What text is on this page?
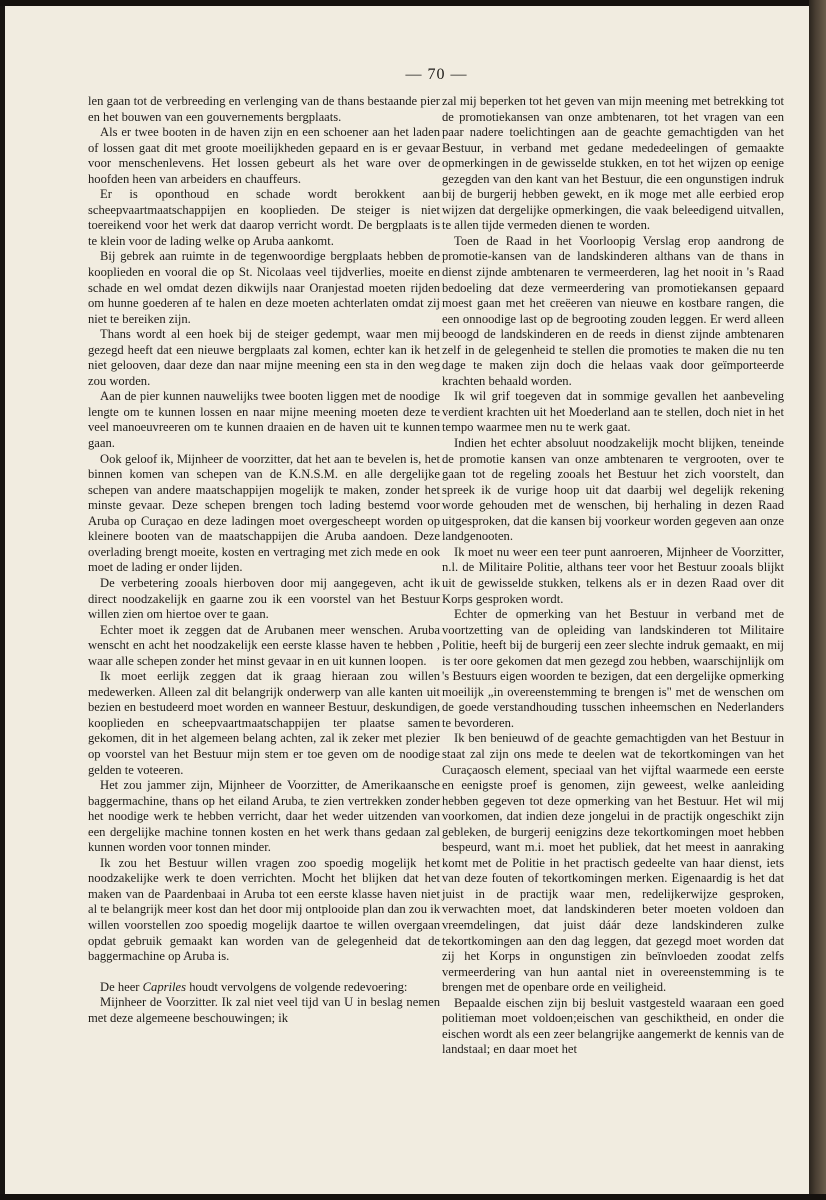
— 70 —

len gaan tot de verbreeding en verlenging van de thans bestaande pier en het bouwen van een gouvernements bergplaats.

Als er twee booten in de haven zijn en een schoener aan het laden of lossen gaat dit met groote moeilijkheden gepaard en is er gevaar voor menschenlevens. Het lossen gebeurt als het ware over de hoofden heen van arbeiders en chauffeurs.

Er is oponthoud en schade wordt berokkent aan scheepvaartmaatschappijen en kooplieden. De steiger is niet toereikend voor het werk dat daarop verricht wordt. De bergplaats is te klein voor de lading welke op Aruba aankomt.

Bij gebrek aan ruimte in de tegenwoordige bergplaats hebben de kooplieden en vooral die op St. Nicolaas veel tijdverlies, moeite en schade en wel omdat dezen dikwijls naar Oranjestad moeten rijden om hunne goederen af te halen en deze moeten achterlaten omdat zij niet te bereiken zijn.

Thans wordt al een hoek bij de steiger gedempt, waar men mij gezegd heeft dat een nieuwe bergplaats zal komen, echter kan ik het niet gelooven, daar deze dan naar mijne meening een sta in den weg zou worden.

Aan de pier kunnen nauwelijks twee booten liggen met de noodige lengte om te kunnen lossen en naar mijne meening moeten deze te veel manoeuvreeren om te kunnen draaien en de haven uit te kunnen gaan.

Ook geloof ik, Mijnheer de voorzitter, dat het aan te bevelen is, het binnen komen van schepen van de K.N.S.M. en alle dergelijke schepen van andere maatschappijen mogelijk te maken, zonder het minste gevaar. Deze schepen brengen toch lading bestemd voor Aruba op Curaçao en deze ladingen moet overgescheept worden op kleinere booten van de maatschappijen die Aruba aandoen. Deze overlading brengt moeite, kosten en vertraging met zich mede en ook moet de lading er onder lijden.

De verbetering zooals hierboven door mij aangegeven, acht ik direct noodzakelijk en gaarne zou ik een voorstel van het Bestuur willen zien om hiertoe over te gaan.

Echter moet ik zeggen dat de Arubanen meer wenschen. Aruba wenscht en acht het noodzakelijk een eerste klasse haven te hebben , waar alle schepen zonder het minst gevaar in en uit kunnen loopen.

Ik moet eerlijk zeggen dat ik graag hieraan zou willen medewerken. Alleen zal dit belangrijk onderwerp van alle kanten uit bezien en bestudeerd moet worden en wanneer Bestuur, deskundigen, kooplieden en scheepvaartmaatschappijen ter plaatse samen gekomen, dit in het algemeen belang achten, zal ik zeker met plezier op voorstel van het Bestuur mijn stem er toe geven om de noodige gelden te voteeren.

Het zou jammer zijn, Mijnheer de Voorzitter, de Amerikaansche baggermachine, thans op het eiland Aruba, te zien vertrekken zonder het noodige werk te hebben verricht, daar het weder uitzenden van een dergelijke machine tonnen kosten en het werk thans gedaan zal kunnen worden voor tonnen minder.

Ik zou het Bestuur willen vragen zoo spoedig mogelijk het noodzakelijke werk te doen verrichten. Mocht het blijken dat het maken van de Paardenbaai in Aruba tot een eerste klasse haven niet al te belangrijk meer kost dan het door mij ontplooide plan dan zou ik willen voorstellen zoo spoedig mogelijk daartoe te willen overgaan opdat gebruik gemaakt kan worden van de gelegenheid dat de baggermachine op Aruba is.

De heer Capriles houdt vervolgens de volgende redevoering:

Mijnheer de Voorzitter. Ik zal niet veel tijd van U in beslag nemen met deze algemeene beschouwingen; ik

zal mij beperken tot het geven van mijn meening met betrekking tot de promotiekansen van onze ambtenaren, tot het vragen van een paar nadere toelichtingen aan de geachte gemachtigden van het Bestuur, in verband met gedane mededeelingen of gemaakte opmerkingen in de gewisselde stukken, en tot het wijzen op eenige gezegden van den kant van het Bestuur, die een ongunstigen indruk bij de burgerij hebben gewekt, en ik moge met alle eerbied erop wijzen dat dergelijke opmerkingen, die vaak beleedigend uitvallen, te allen tijde vermeden dienen te worden.

Toen de Raad in het Voorloopig Verslag erop aandrong de promotie-kansen van de landskinderen althans van de thans in dienst zijnde ambtenaren te vermeerderen, lag het nooit in 's Raad bedoeling dat deze vermeerdering van promotiekansen gepaard moest gaan met het creëeren van nieuwe en kostbare rangen, die een onnoodige last op de begrooting zouden leggen. Er werd alleen beoogd de landskinderen en de reeds in dienst zijnde ambtenaren zelf in de gelegenheid te stellen die promoties te maken die nu ten dage te maken zijn doch die helaas vaak door geïmporteerde krachten behaald worden.

Ik wil grif toegeven dat in sommige gevallen het aanbeveling verdient krachten uit het Moederland aan te stellen, doch niet in het tempo waarmee men nu te werk gaat.

Indien het echter absoluut noodzakelijk mocht blijken, teneinde de promotie kansen van onze ambtenaren te vergrooten, over te gaan tot de regeling zooals het Bestuur het zich voorstelt, dan spreek ik de vurige hoop uit dat daarbij wel degelijk rekening worde gehouden met de wenschen, bij herhaling in dezen Raad uitgesproken, dat die kansen bij voorkeur worden gegeven aan onze landgenooten.

Ik moet nu weer een teer punt aanroeren, Mijnheer de Voorzitter, n.l. de Militaire Politie, althans teer voor het Bestuur zooals blijkt uit de gewisselde stukken, telkens als er in dezen Raad over dit Korps gesproken wordt.

Echter de opmerking van het Bestuur in verband met de voortzetting van de opleiding van landskinderen tot Militaire Politie, heeft bij de burgerij een zeer slechte indruk gemaakt, en mij is ter oore gekomen dat men gezegd zou hebben, waarschijnlijk om 's Bestuurs eigen woorden te bezigen, dat een dergelijke opmerking moeilijk „in overeenstemming te brengen is" met de wenschen om de goede verstandhouding tusschen inheemschen en Nederlanders te bevorderen.

Ik ben benieuwd of de geachte gemachtigden van het Bestuur in staat zal zijn ons mede te deelen wat de tekortkomingen van het Curaçaosch element, speciaal van het vijftal waarmede een eerste en eenigste proef is genomen, zijn geweest, welke aanleiding hebben gegeven tot deze opmerking van het Bestuur. Het wil mij voorkomen, dat indien deze jongelui in de practijk ongeschikt zijn gebleken, de burgerij eenigzins deze tekortkomingen moet hebben bespeurd, want m.i. moet het publiek, dat het meest in aanraking komt met de Politie in het practisch gedeelte van haar dienst, iets van deze fouten of tekortkomingen merken. Eigenaardig is het dat juist in de practijk waar men, redelijkerwijze gesproken, verwachten moet, dat landskinderen beter moeten voldoen dan vreemdelingen, dat juist dáár deze landskinderen zulke tekortkomingen aan den dag leggen, dat gezegd moet worden dat zij het Korps in ongunstigen zin beïnvloeden zoodat zelfs vermeerdering van hun aantal niet in overeenstemming is te brengen met de openbare orde en veiligheid.

Bepaalde eischen zijn bij besluit vastgesteld waaraan een goed politieman moet voldoen;eischen van geschiktheid, en onder die eischen wordt als een zeer belangrijke aangemerkt de kennis van de landstaal; en daar moet het
